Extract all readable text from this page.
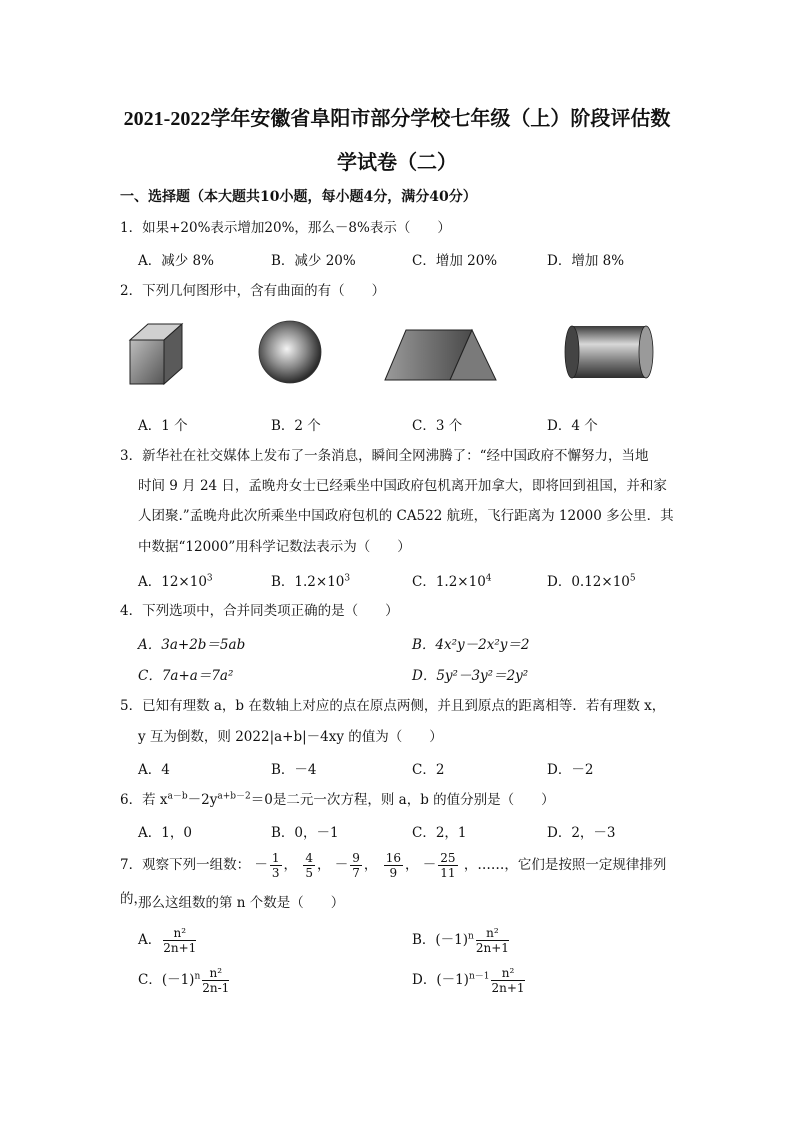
2021-2022学年安徽省阜阳市部分学校七年级（上）阶段评估数
学试卷（二）
一、选择题（本大题共10小题，每小题4分，满分40分）
1．如果+20%表示增加20%，那么－8%表示（　　）
A．减少 8%	B．减少 20%	C．增加 20%	D．增加 8%
2．下列几何图形中，含有曲面的有（　　）
A．1 个	B．2 个	C．3 个	D．4 个
3．新华社在社交媒体上发布了一条消息，瞬间全网沸腾了：“经中国政府不懈努力，当地
时间 9 月 24 日，孟晚舟女士已经乘坐中国政府包机离开加拿大，即将回到祖国，并和家
人团聚.”孟晚舟此次所乘坐中国政府包机的 CA522 航班，飞行距离为 12000 多公里．其
中数据“12000”用科学记数法表示为（　　）
A．$12\times 10^3$	B．$1.2\times 10^3$	C．$1.2\times 10^4$	D．$0.12\times 10^5$
4．下列选项中，合并同类项正确的是（　　）
A．3a+2b＝5ab	B．4x²y－2x²y＝2
C．7a+a＝7a²	D．5y²－3y²＝2y²
5．已知有理数 a，b 在数轴上对应的点在原点两侧，并且到原点的距离相等．若有理数 x，
y 互为倒数，则 2022|a+b|－4xy 的值为（　　）
A．4	B．－4	C．2	D．－2
6．若 $x^{a-b}-2y^{a+b-2}=0$是二元一次方程，则 a，b 的值分别是（　　）
A．1，0	B．0，－1	C．2，1	D．2，－3
7．观察下列一组数： － $\frac{1}{3}$ ， $\frac{4}{5}$ ， － $\frac{9}{7}$ ， $\frac{16}{9}$ ， － $\frac{25}{11}$ ，……，它们是按照一定规律排列的，
那么这组数的第 n 个数是（　　）
A． $\frac{\text{n²}}{2n+1}$	B．$(-1)^n \frac{\text{n²}}{2n+1}$
C．$(-1)^n \frac{\text{n²}}{2n-1}$	D．$(-1)^{n-1} \frac{\text{n²}}{2n+1}$
